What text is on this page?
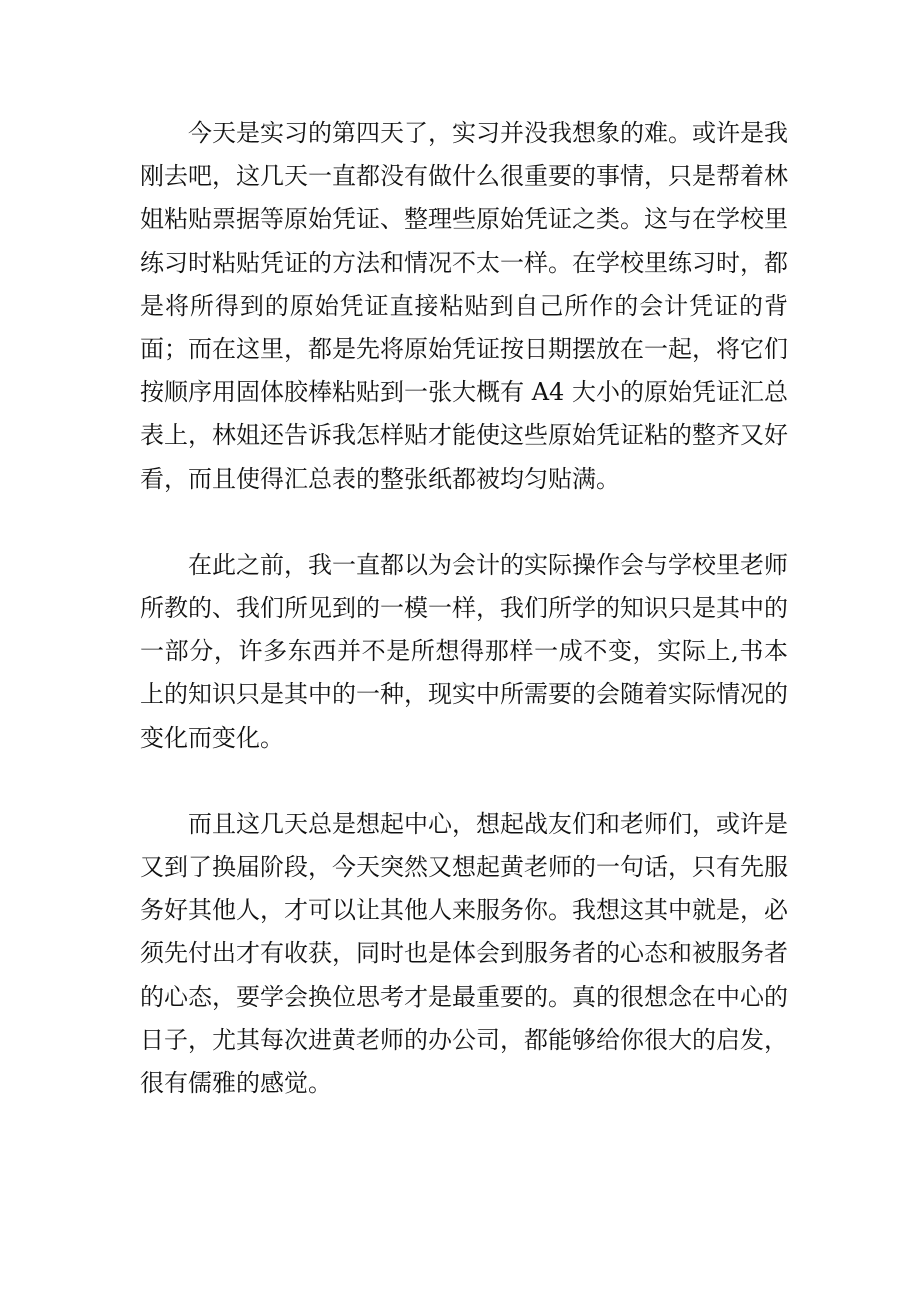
今天是实习的第四天了，实习并没我想象的难。或许是我刚去吧，这几天一直都没有做什么很重要的事情，只是帮着林姐粘贴票据等原始凭证、整理些原始凭证之类。这与在学校里练习时粘贴凭证的方法和情况不太一样。在学校里练习时，都是将所得到的原始凭证直接粘贴到自己所作的会计凭证的背面；而在这里，都是先将原始凭证按日期摆放在一起，将它们按顺序用固体胶棒粘贴到一张大概有 A4 大小的原始凭证汇总表上，林姐还告诉我怎样贴才能使这些原始凭证粘的整齐又好看，而且使得汇总表的整张纸都被均匀贴满。

在此之前，我一直都以为会计的实际操作会与学校里老师所教的、我们所见到的一模一样，我们所学的知识只是其中的一部分，许多东西并不是所想得那样一成不变，实际上,书本上的知识只是其中的一种，现实中所需要的会随着实际情况的变化而变化。

而且这几天总是想起中心，想起战友们和老师们，或许是又到了换届阶段，今天突然又想起黄老师的一句话，只有先服务好其他人，才可以让其他人来服务你。我想这其中就是，必须先付出才有收获，同时也是体会到服务者的心态和被服务者的心态，要学会换位思考才是最重要的。真的很想念在中心的日子，尤其每次进黄老师的办公司，都能够给你很大的启发，很有儒雅的感觉。
